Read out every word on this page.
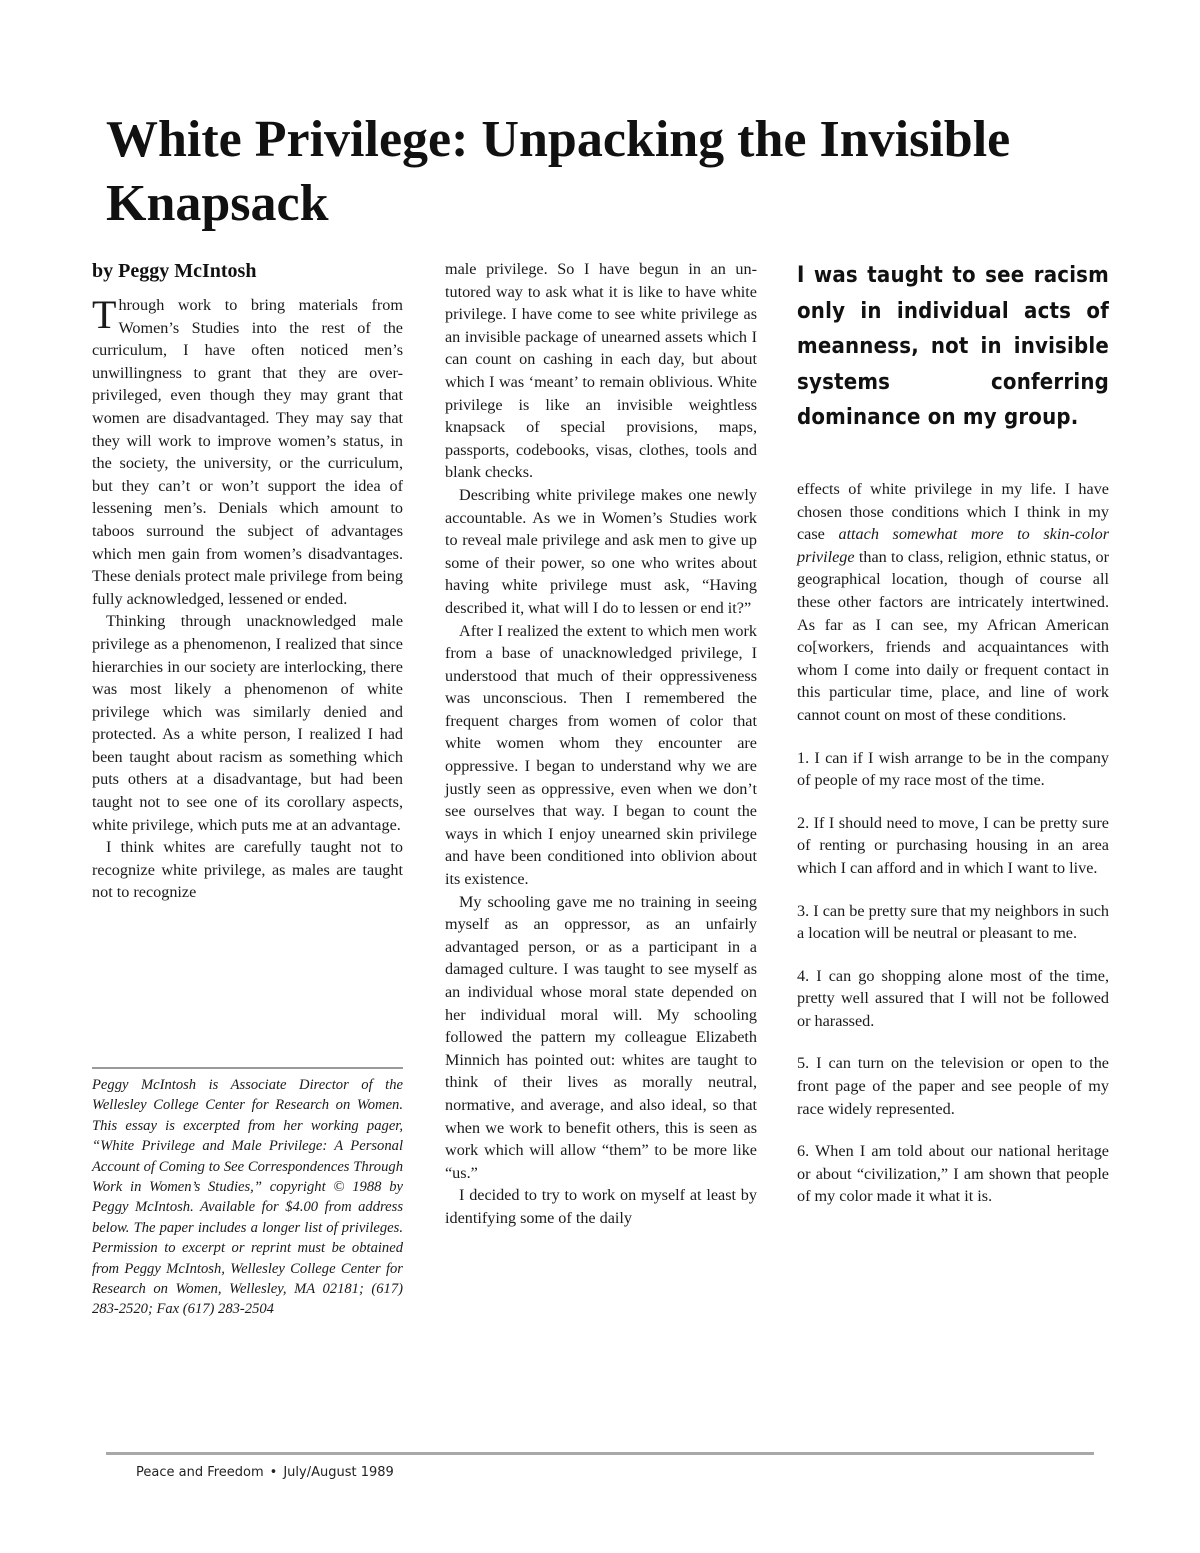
White Privilege: Unpacking the Invisible Knapsack

by Peggy McIntosh

Through work to bring materials from Women’s Studies into the rest of the curriculum, I have often noticed men’s unwillingness to grant that they are over-privileged, even though they may grant that women are disadvantaged. They may say that they will work to improve women’s status, in the society, the university, or the curriculum, but they can’t or won’t support the idea of lessening men’s. Denials which amount to taboos surround the subject of advantages which men gain from women’s disadvantages. These denials protect male privilege from being fully acknowledged, lessened or ended.

Thinking through unacknowledged male privilege as a phenomenon, I realized that since hierarchies in our society are interlocking, there was most likely a phenomenon of white privilege which was similarly denied and protected. As a white person, I realized I had been taught about racism as something which puts others at a disadvantage, but had been taught not to see one of its corollary aspects, white privilege, which puts me at an advantage.

I think whites are carefully taught not to recognize white privilege, as males are taught not to recognize

Peggy McIntosh is Associate Director of the Wellesley College Center for Research on Women. This essay is excerpted from her working pager, “White Privilege and Male Privilege: A Personal Account of Coming to See Correspondences Through Work in Women’s Studies,” copyright © 1988 by Peggy McIntosh. Available for $4.00 from address below. The paper includes a longer list of privileges. Permission to excerpt or reprint must be obtained from Peggy McIntosh, Wellesley College Center for Research on Women, Wellesley, MA 02181; (617) 283-2520; Fax (617) 283-2504

male privilege. So I have begun in an un-tutored way to ask what it is like to have white privilege. I have come to see white privilege as an invisible package of unearned assets which I can count on cashing in each day, but about which I was ‘meant’ to remain oblivious. White privilege is like an invisible weightless knapsack of special provisions, maps, passports, codebooks, visas, clothes, tools and blank checks.

Describing white privilege makes one newly accountable. As we in Women’s Studies work to reveal male privilege and ask men to give up some of their power, so one who writes about having white privilege must ask, “Having described it, what will I do to lessen or end it?”

After I realized the extent to which men work from a base of unacknowledged privilege, I understood that much of their oppressiveness was unconscious. Then I remembered the frequent charges from women of color that white women whom they encounter are oppressive. I began to understand why we are justly seen as oppressive, even when we don’t see ourselves that way. I began to count the ways in which I enjoy unearned skin privilege and have been conditioned into oblivion about its existence.

My schooling gave me no training in seeing myself as an oppressor, as an unfairly advantaged person, or as a participant in a damaged culture. I was taught to see myself as an individual whose moral state depended on her individual moral will. My schooling followed the pattern my colleague Elizabeth Minnich has pointed out: whites are taught to think of their lives as morally neutral, normative, and average, and also ideal, so that when we work to benefit others, this is seen as work which will allow “them” to be more like “us.”

I decided to try to work on myself at least by identifying some of the daily

I was taught to see racism only in individual acts of meanness, not in invisible systems conferring dominance on my group.

effects of white privilege in my life. I have chosen those conditions which I think in my case attach somewhat more to skin-color privilege than to class, religion, ethnic status, or geographical location, though of course all these other factors are intricately intertwined. As far as I can see, my African American co[workers, friends and acquaintances with whom I come into daily or frequent contact in this particular time, place, and line of work cannot count on most of these conditions.

1. I can if I wish arrange to be in the company of people of my race most of the time.

2. If I should need to move, I can be pretty sure of renting or purchasing housing in an area which I can afford and in which I want to live.

3. I can be pretty sure that my neighbors in such a location will be neutral or pleasant to me.

4. I can go shopping alone most of the time, pretty well assured that I will not be followed or harassed.

5. I can turn on the television or open to the front page of the paper and see people of my race widely represented.

6. When I am told about our national heritage or about “civilization,” I am shown that people of my color made it what it is.

Peace and Freedom • July/August 1989
